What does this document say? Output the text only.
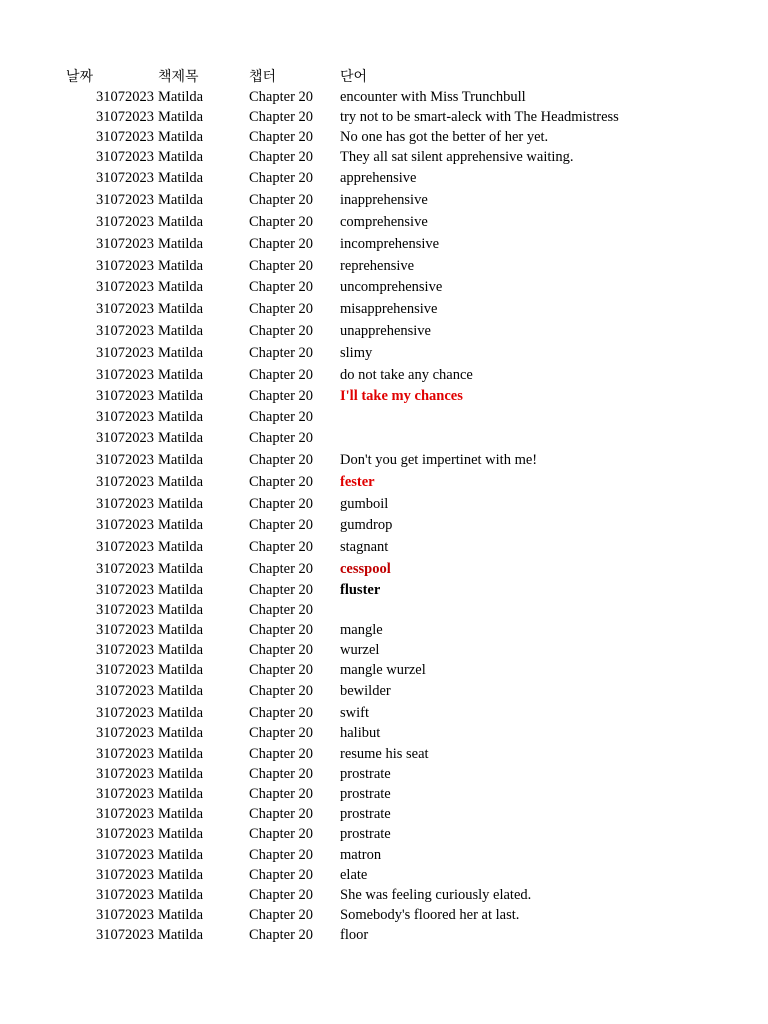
날짜	책제목	챕터	단어
31072023 Matilda	Chapter 20 encounter with Miss Trunchbull
31072023 Matilda	Chapter 20 try not to be smart-aleck with The Headmistress
31072023 Matilda	Chapter 20 No one has got the better of her yet.
31072023 Matilda	Chapter 20 They all sat silent apprehensive waiting.
31072023 Matilda	Chapter 20 apprehensive
31072023 Matilda	Chapter 20 inapprehensive
31072023 Matilda	Chapter 20 comprehensive
31072023 Matilda	Chapter 20 incomprehensive
31072023 Matilda	Chapter 20 reprehensive
31072023 Matilda	Chapter 20 uncomprehensive
31072023 Matilda	Chapter 20 misapprehensive
31072023 Matilda	Chapter 20 unapprehensive
31072023 Matilda	Chapter 20 slimy
31072023 Matilda	Chapter 20 do not take any chance
31072023 Matilda	Chapter 20 I'll take my chances
31072023 Matilda	Chapter 20
31072023 Matilda	Chapter 20
31072023 Matilda	Chapter 20 Don't you get impertinet with me!
31072023 Matilda	Chapter 20 fester
31072023 Matilda	Chapter 20 gumboil
31072023 Matilda	Chapter 20 gumdrop
31072023 Matilda	Chapter 20 stagnant
31072023 Matilda	Chapter 20 cesspool
31072023 Matilda	Chapter 20 fluster
31072023 Matilda	Chapter 20
31072023 Matilda	Chapter 20 mangle
31072023 Matilda	Chapter 20 wurzel
31072023 Matilda	Chapter 20 mangle wurzel
31072023 Matilda	Chapter 20 bewilder
31072023 Matilda	Chapter 20 swift
31072023 Matilda	Chapter 20 halibut
31072023 Matilda	Chapter 20 resume his seat
31072023 Matilda	Chapter 20 prostrate
31072023 Matilda	Chapter 20 prostrate
31072023 Matilda	Chapter 20 prostrate
31072023 Matilda	Chapter 20 prostrate
31072023 Matilda	Chapter 20 matron
31072023 Matilda	Chapter 20 elate
31072023 Matilda	Chapter 20 She was feeling curiously elated.
31072023 Matilda	Chapter 20 Somebody's floored her at last.
31072023 Matilda	Chapter 20 floor
